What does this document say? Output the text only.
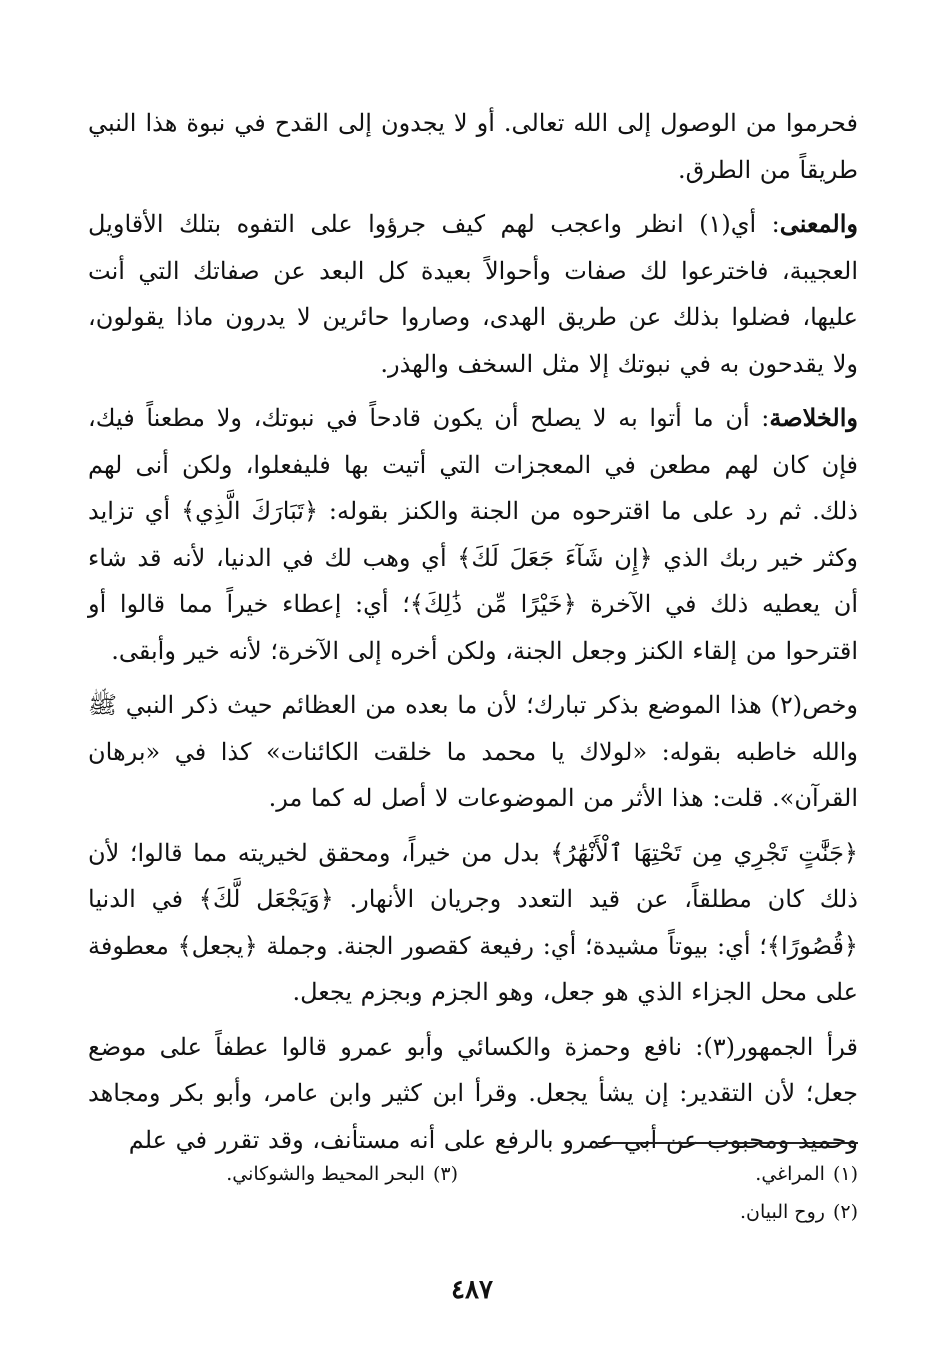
فحرموا من الوصول إلى الله تعالى. أو لا يجدون إلى القدح في نبوة هذا النبي طريقاً من الطرق.

والمعنى: أي(١) انظر واعجب لهم كيف جرؤوا على التفوه بتلك الأقاويل العجيبة، فاخترعوا لك صفات وأحوالاً بعيدة كل البعد عن صفاتك التي أنت عليها، فضلوا بذلك عن طريق الهدى، وصاروا حائرين لا يدرون ماذا يقولون، ولا يقدحون به في نبوتك إلا مثل السخف والهذر.

والخلاصة: أن ما أتوا به لا يصلح أن يكون قادحاً في نبوتك، ولا مطعناً فيك، فإن كان لهم مطعن في المعجزات التي أتيت بها فليفعلوا، ولكن أنى لهم ذلك. ثم رد على ما اقترحوه من الجنة والكنز بقوله: ﴿تَبَارَكَ الَّذِي﴾ أي تزايد وكثر خير ربك الذي ﴿إِن شَآءَ جَعَلَ لَكَ﴾ أي وهب لك في الدنيا، لأنه قد شاء أن يعطيه ذلك في الآخرة ﴿خَيْرًا مِّن ذَٰلِكَ﴾؛ أي: إعطاء خيراً مما قالوا أو اقترحوا من إلقاء الكنز وجعل الجنة، ولكن أخره إلى الآخرة؛ لأنه خير وأبقى.

وخص(٢) هذا الموضع بذكر تبارك؛ لأن ما بعده من العظائم حيث ذكر النبي ﷺ والله خاطبه بقوله: «لولاك يا محمد ما خلقت الكائنات» كذا في «برهان القرآن». قلت: هذا الأثر من الموضوعات لا أصل له كما مر.

﴿جَنَّٰتٍ تَجْرِي مِن تَحْتِهَا ٱلْأَنْهَٰرُ﴾ بدل من خيراً، ومحقق لخيريته مما قالوا؛ لأن ذلك كان مطلقاً، عن قيد التعدد وجريان الأنهار. ﴿وَيَجْعَل لَّكَ﴾ في الدنيا ﴿قُصُورًا﴾؛ أي: بيوتاً مشيدة؛ أي: رفيعة كقصور الجنة. وجملة ﴿يجعل﴾ معطوفة على محل الجزاء الذي هو جعل، وهو الجزم وبجزم يجعل.

قرأ الجمهور(٣): نافع وحمزة والكسائي وأبو عمرو قالوا عطفاً على موضع جعل؛ لأن التقدير: إن يشأ يجعل. وقرأ ابن كثير وابن عامر، وأبو بكر ومجاهد وحميد ومحبوب عن أبي عمرو بالرفع على أنه مستأنف، وقد تقرر في علم

(١)المراغي.
(٢)روح البيان.
(٣)البحر المحيط والشوكاني.
٤٨٧
